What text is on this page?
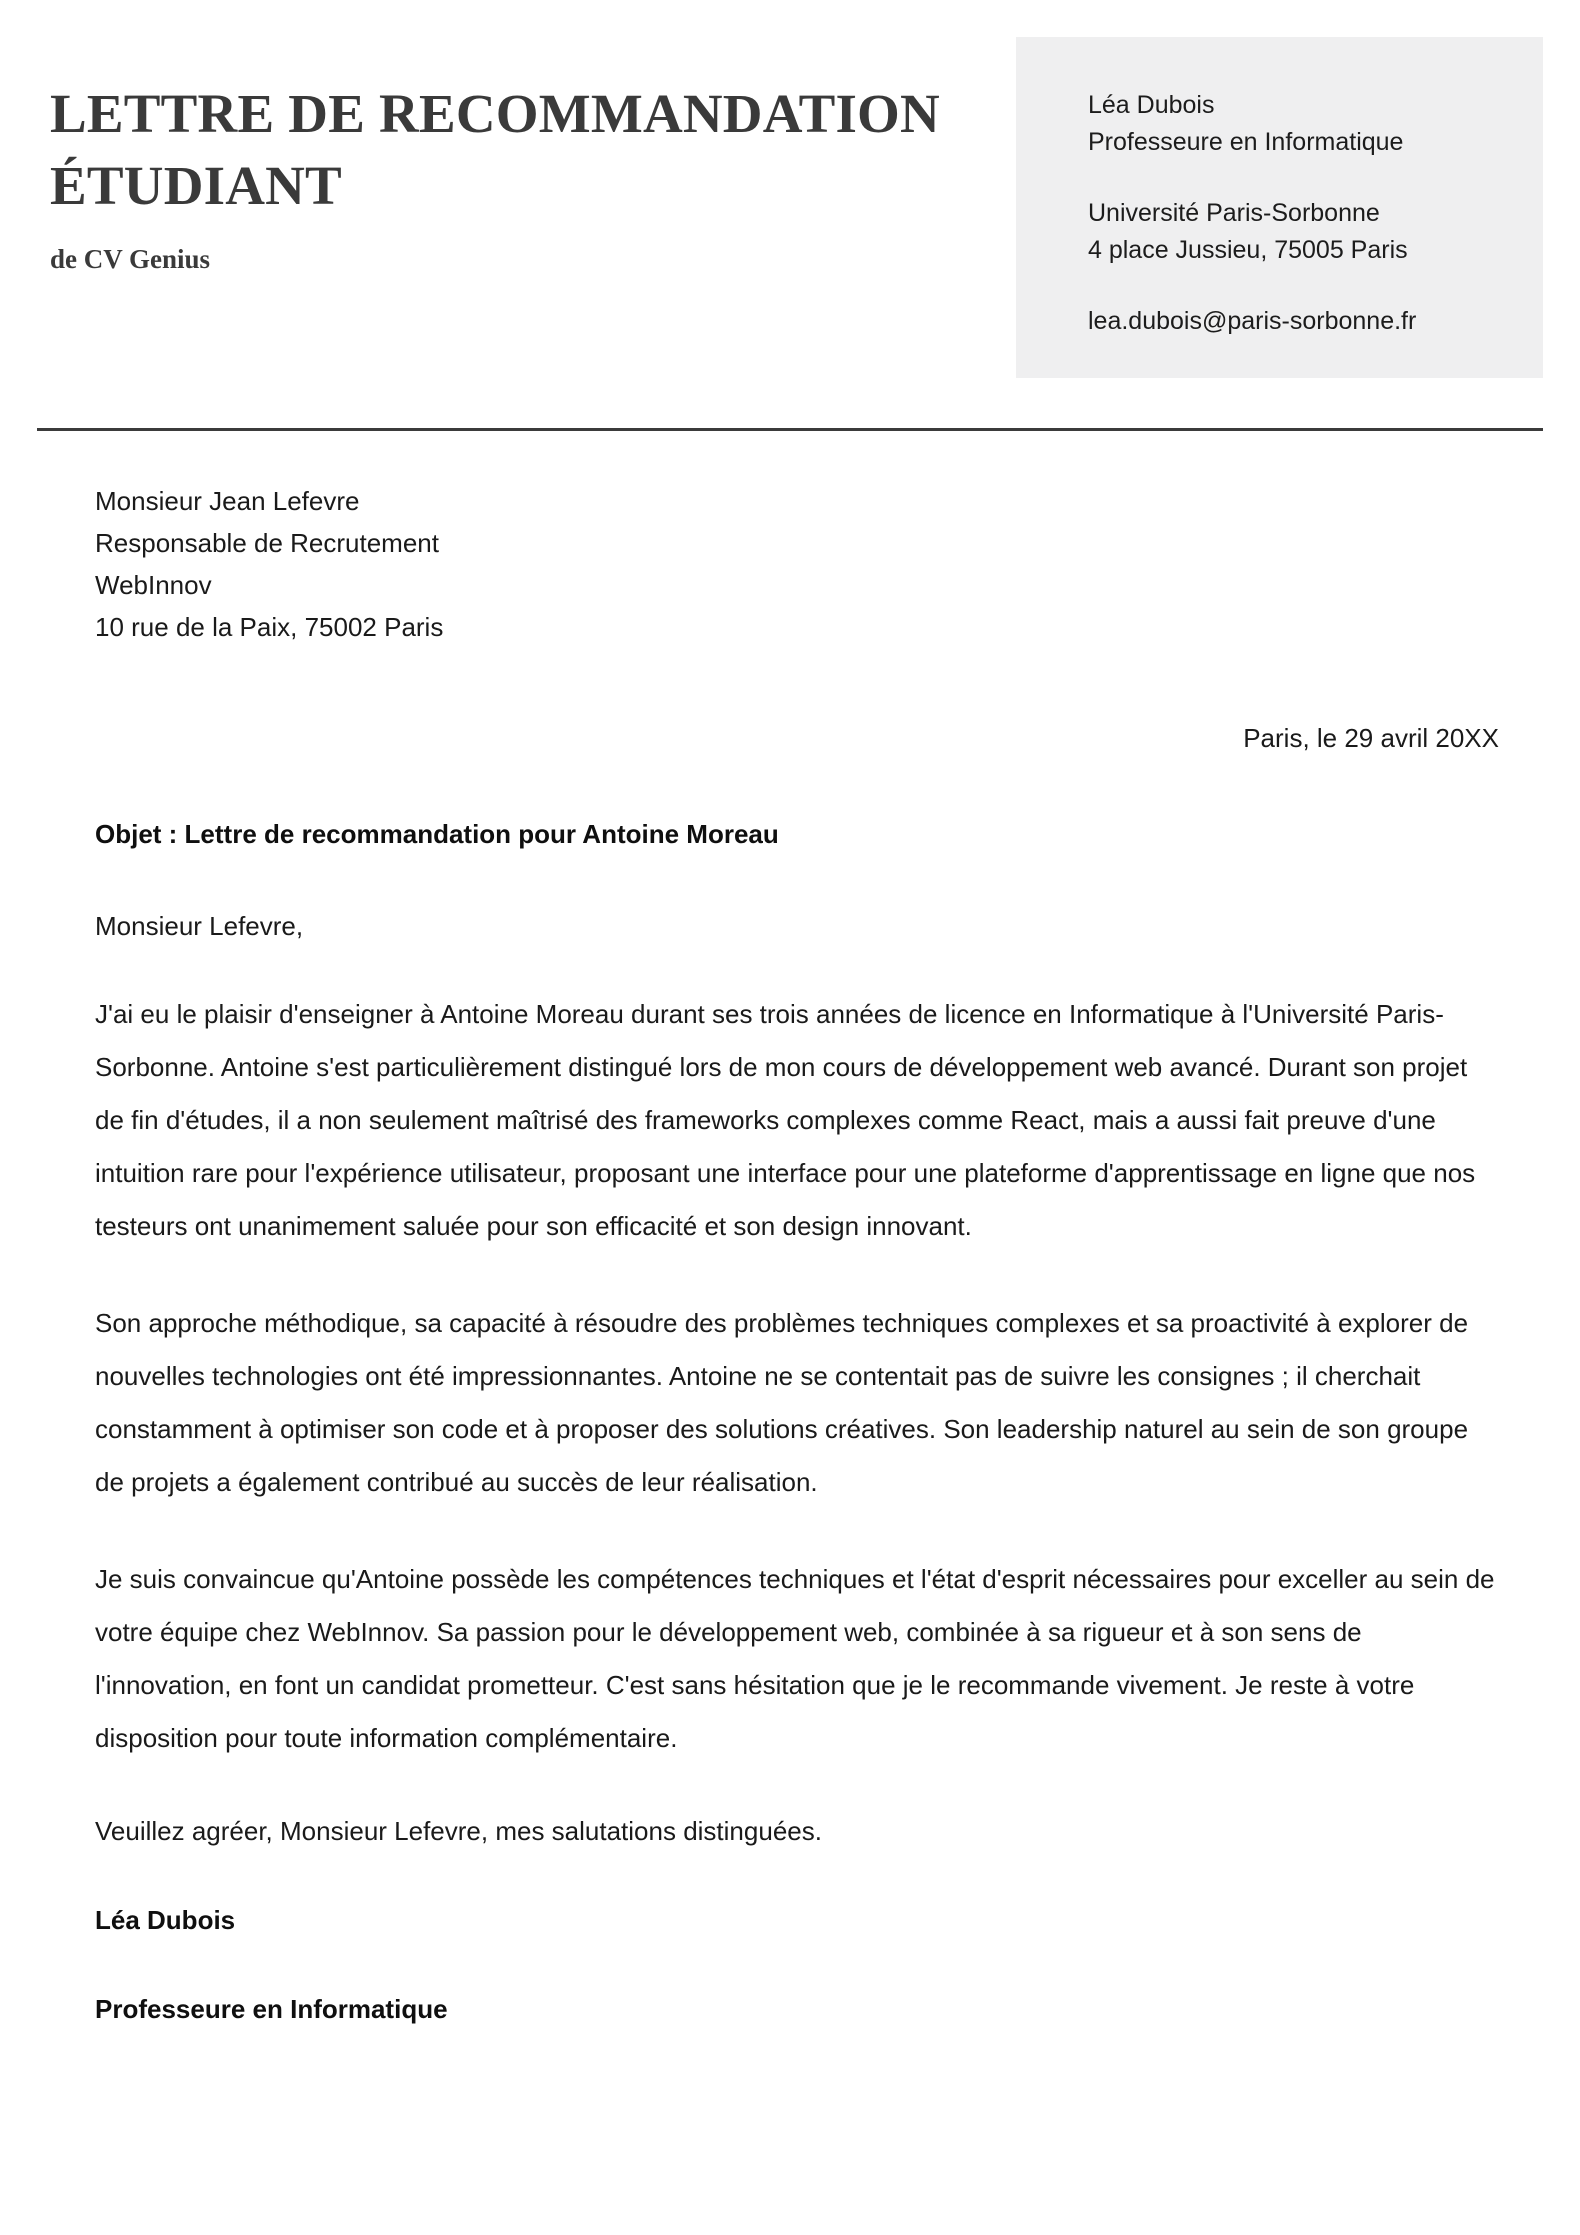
LETTRE DE RECOMMANDATION ÉTUDIANT
de CV Genius
Léa Dubois
Professeure en Informatique
Université Paris-Sorbonne
4 place Jussieu, 75005 Paris
lea.dubois@paris-sorbonne.fr
Monsieur Jean Lefevre
Responsable de Recrutement
WebInnov
10 rue de la Paix, 75002 Paris
Paris, le 29 avril 20XX
Objet : Lettre de recommandation pour Antoine Moreau
Monsieur Lefevre,

J'ai eu le plaisir d'enseigner à Antoine Moreau durant ses trois années de licence en Informatique à l'Université Paris-Sorbonne. Antoine s'est particulièrement distingué lors de mon cours de développement web avancé. Durant son projet de fin d'études, il a non seulement maîtrisé des frameworks complexes comme React, mais a aussi fait preuve d'une intuition rare pour l'expérience utilisateur, proposant une interface pour une plateforme d'apprentissage en ligne que nos testeurs ont unanimement saluée pour son efficacité et son design innovant.

Son approche méthodique, sa capacité à résoudre des problèmes techniques complexes et sa proactivité à explorer de nouvelles technologies ont été impressionnantes. Antoine ne se contentait pas de suivre les consignes ; il cherchait constamment à optimiser son code et à proposer des solutions créatives. Son leadership naturel au sein de son groupe de projets a également contribué au succès de leur réalisation.

Je suis convaincue qu'Antoine possède les compétences techniques et l'état d'esprit nécessaires pour exceller au sein de votre équipe chez WebInnov. Sa passion pour le développement web, combinée à sa rigueur et à son sens de l'innovation, en font un candidat prometteur. C'est sans hésitation que je le recommande vivement. Je reste à votre disposition pour toute information complémentaire.

Veuillez agréer, Monsieur Lefevre, mes salutations distinguées.
Léa Dubois
Professeure en Informatique
